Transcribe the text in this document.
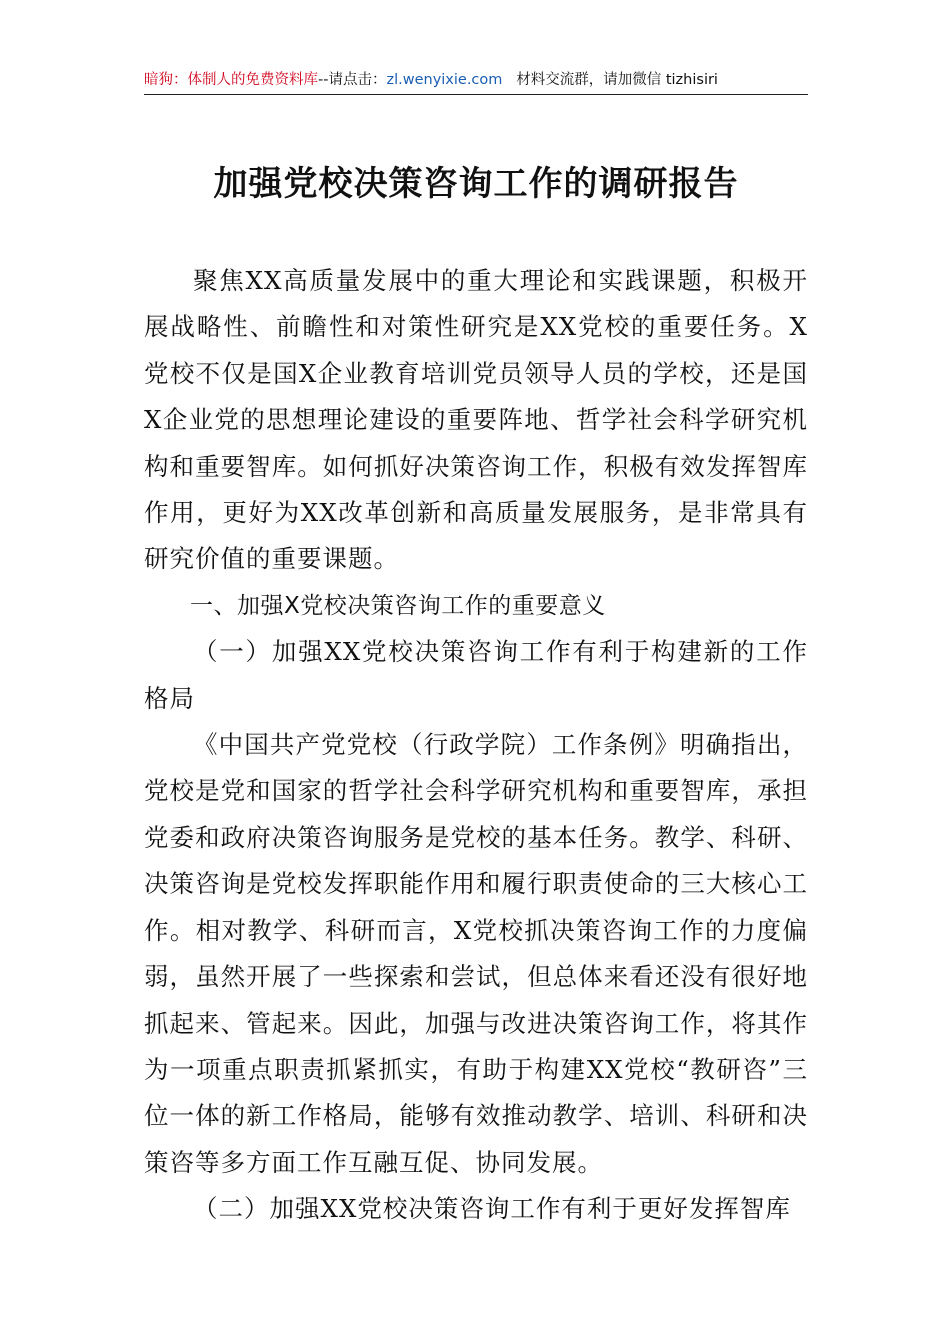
暗狗：体制人的免费资料库--请点击：zl.wenyixie.com 材料交流群，请加微信 tizhisiri
加强党校决策咨询工作的调研报告

聚焦XX高质量发展中的重大理论和实践课题，积极开展战略性、前瞻性和对策性研究是XX党校的重要任务。X党校不仅是国X企业教育培训党员领导人员的学校，还是国X企业党的思想理论建设的重要阵地、哲学社会科学研究机构和重要智库。如何抓好决策咨询工作，积极有效发挥智库作用，更好为XX改革创新和高质量发展服务，是非常具有研究价值的重要课题。

一、加强X党校决策咨询工作的重要意义

（一）加强XX党校决策咨询工作有利于构建新的工作格局

《中国共产党党校（行政学院）工作条例》明确指出，党校是党和国家的哲学社会科学研究机构和重要智库，承担党委和政府决策咨询服务是党校的基本任务。教学、科研、决策咨询是党校发挥职能作用和履行职责使命的三大核心工作。相对教学、科研而言，X党校抓决策咨询工作的力度偏弱，虽然开展了一些探索和尝试，但总体来看还没有很好地抓起来、管起来。因此，加强与改进决策咨询工作，将其作为一项重点职责抓紧抓实，有助于构建XX党校“教研咨”三位一体的新工作格局，能够有效推动教学、培训、科研和决策咨等多方面工作互融互促、协同发展。

（二）加强XX党校决策咨询工作有利于更好发挥智库
